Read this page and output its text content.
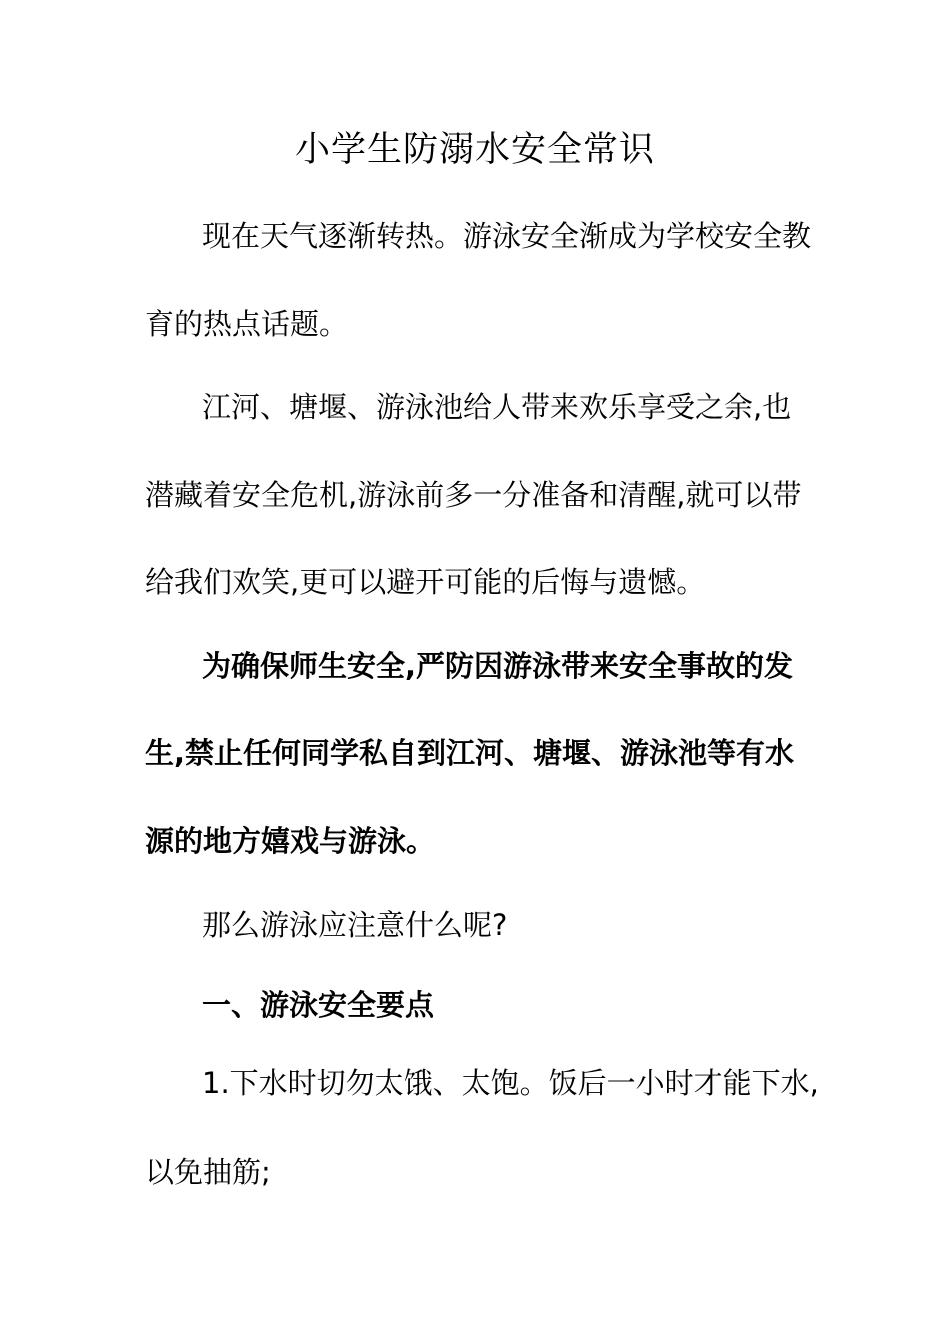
小学生防溺水安全常识
现在天气逐渐转热。游泳安全渐成为学校安全教
育的热点话题。
江河、塘堰、游泳池给人带来欢乐享受之余,也
潜藏着安全危机,游泳前多一分准备和清醒,就可以带
给我们欢笑,更可以避开可能的后悔与遗憾。
为确保师生安全,严防因游泳带来安全事故的发
生,禁止任何同学私自到江河、塘堰、游泳池等有水
源的地方嬉戏与游泳。
那么游泳应注意什么呢?
一、游泳安全要点
1.下水时切勿太饿、太饱。饭后一小时才能下水,
以免抽筋;
